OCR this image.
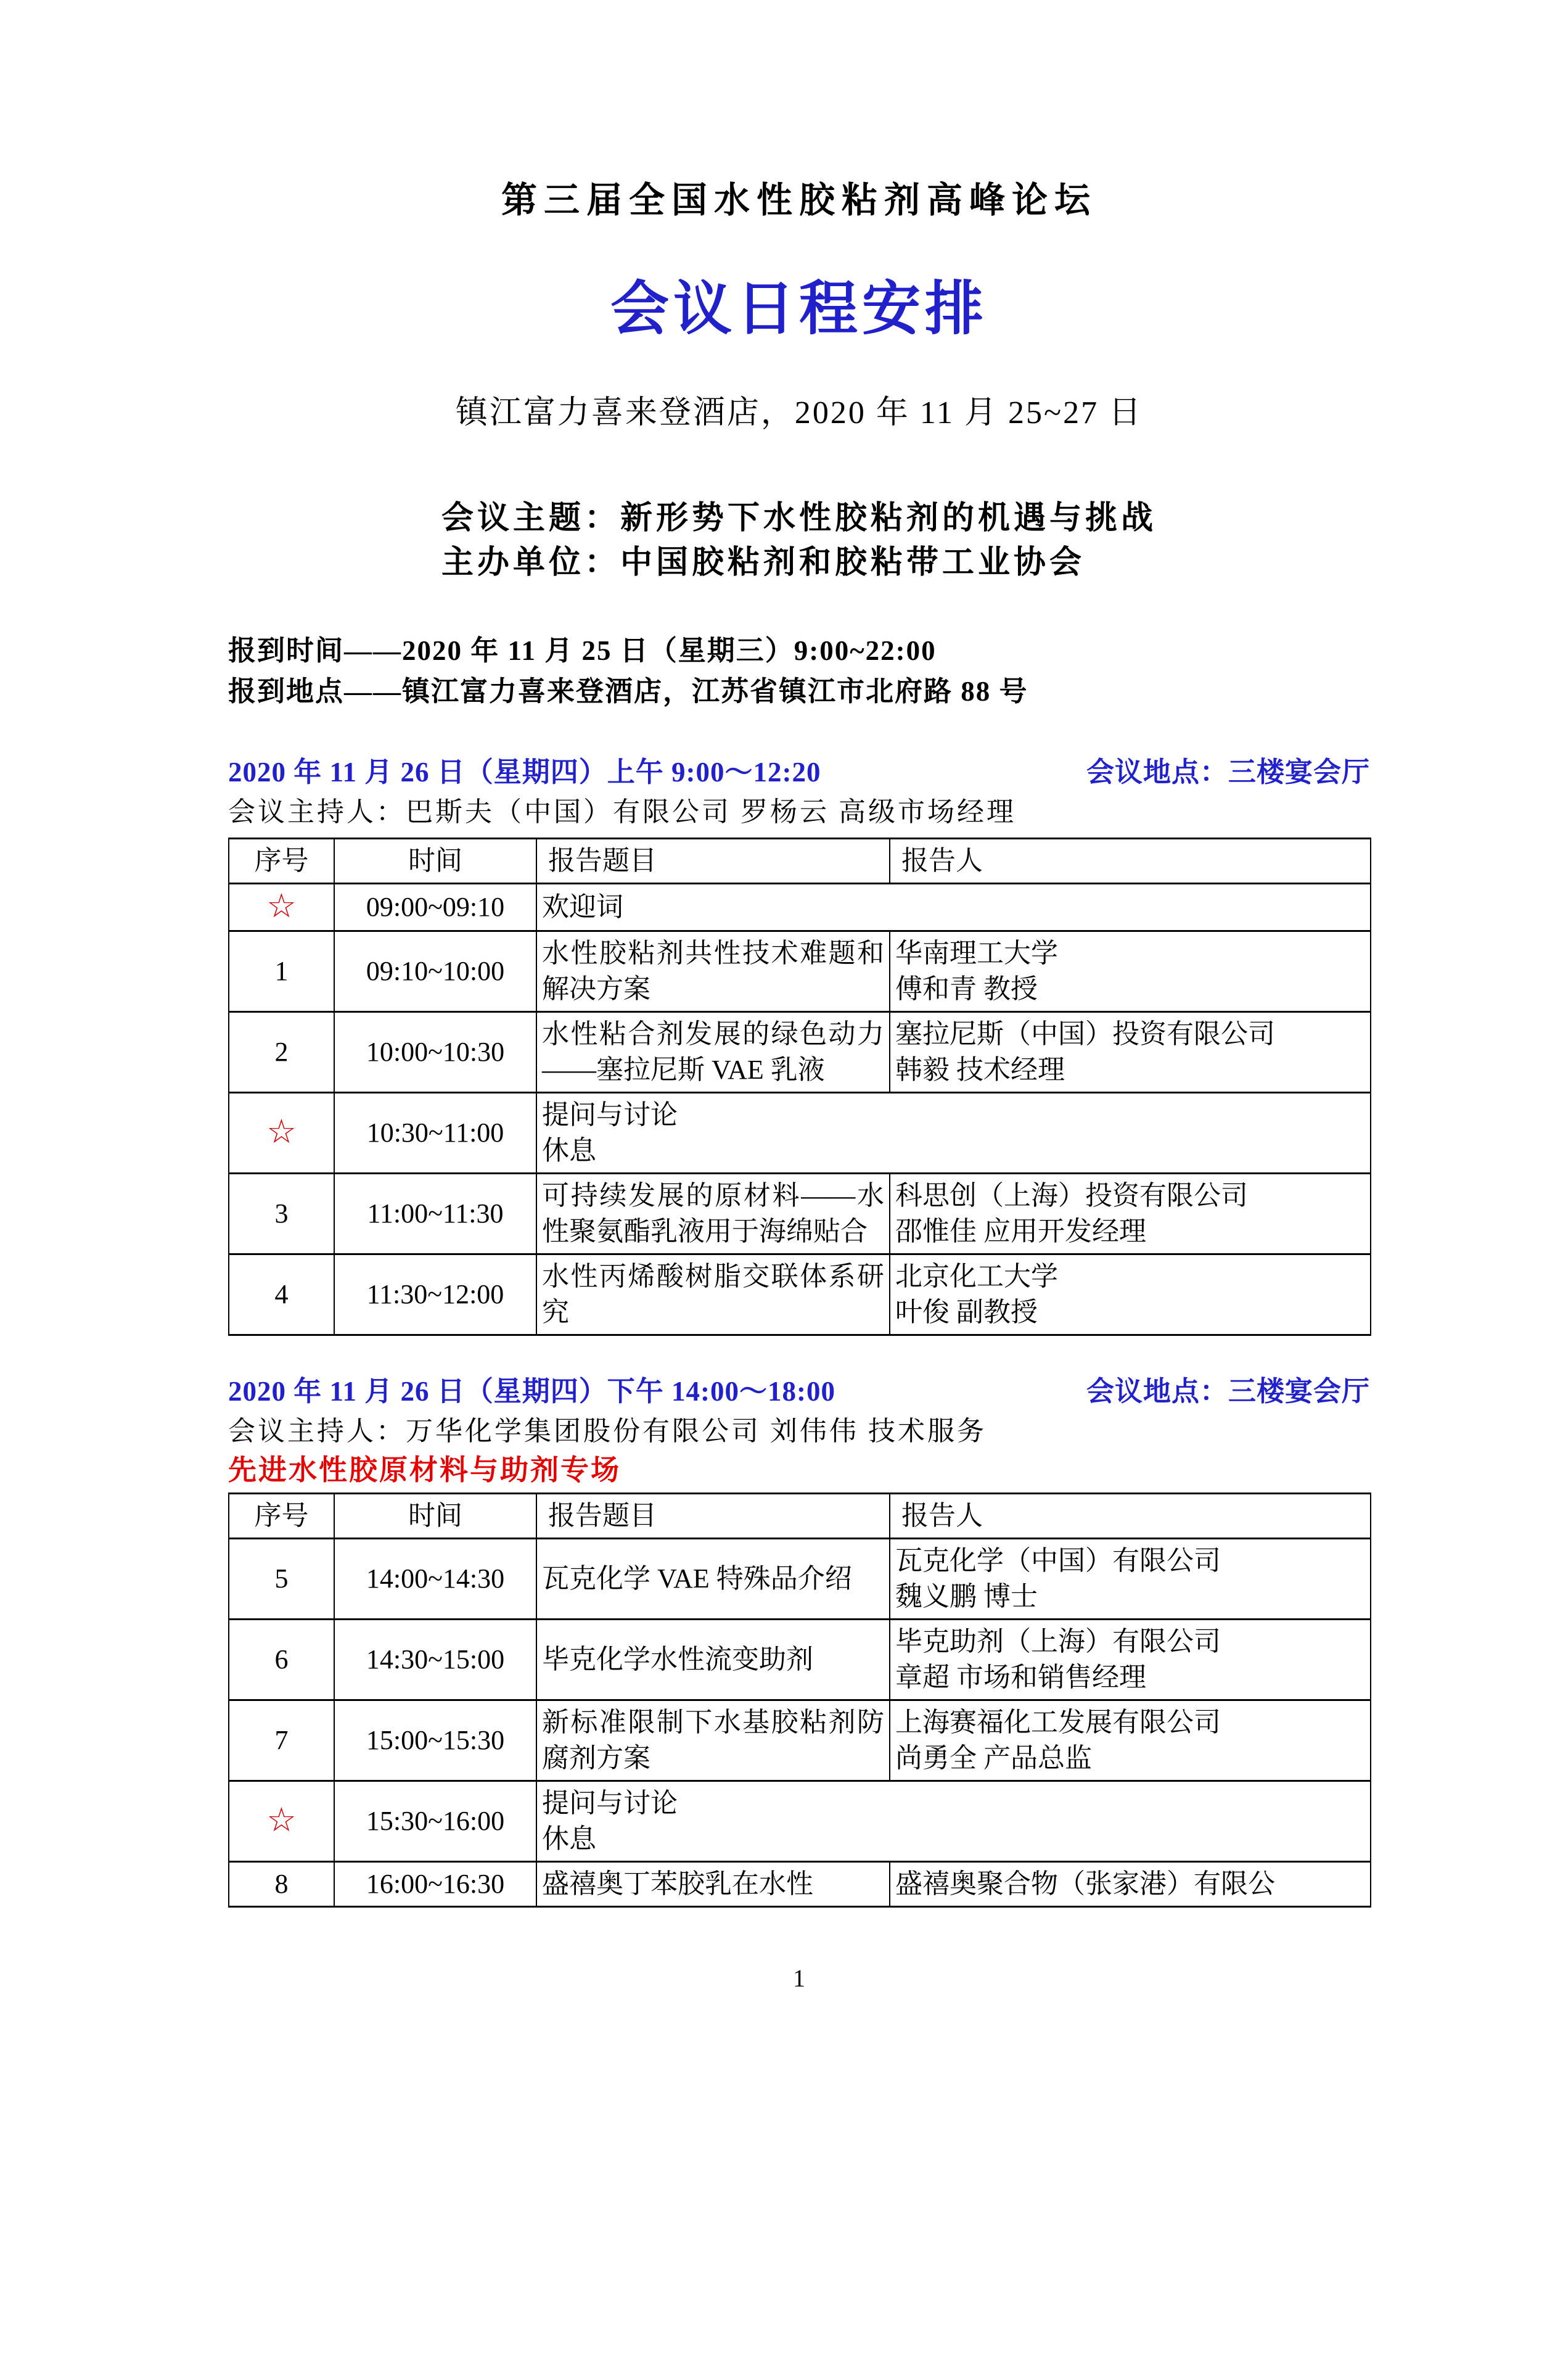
第三届全国水性胶粘剂高峰论坛
会议日程安排
镇江富力喜来登酒店，2020 年 11 月 25~27 日
会议主题：新形势下水性胶粘剂的机遇与挑战
主办单位：中国胶粘剂和胶粘带工业协会
报到时间——2020 年 11 月 25 日（星期三）9:00~22:00
报到地点——镇江富力喜来登酒店，江苏省镇江市北府路 88 号
2020 年 11 月 26 日（星期四）上午 9:00～12:20	会议地点：三楼宴会厅
会议主持人：巴斯夫（中国）有限公司 罗杨云 高级市场经理
序号	时间	报告题目	报告人
☆	09:00~09:10	欢迎词	
1	09:10~10:00	水性胶粘剂共性技术难题和解决方案	华南理工大学
傅和青 教授

2	10:00~10:30	水性粘合剂发展的绿色动力——塞拉尼斯 VAE 乳液	塞拉尼斯（中国）投资有限公司
韩毅 技术经理

☆	10:30~11:00	提问与讨论
休息	

3	11:00~11:30	可持续发展的原材料——水性聚氨酯乳液用于海绵贴合	科思创（上海）投资有限公司
邵惟佳 应用开发经理

4	11:30~12:00	水性丙烯酸树脂交联体系研究	北京化工大学
叶俊 副教授
2020 年 11 月 26 日（星期四）下午 14:00～18:00	会议地点：三楼宴会厅
会议主持人：万华化学集团股份有限公司 刘伟伟 技术服务
先进水性胶原材料与助剂专场
序号	时间	报告题目	报告人
5	14:00~14:30	瓦克化学 VAE 特殊品介绍	瓦克化学（中国）有限公司
魏义鹏 博士

6	14:30~15:00	毕克化学水性流变助剂	毕克助剂（上海）有限公司
章超 市场和销售经理

7	15:00~15:30	新标准限制下水基胶粘剂防腐剂方案	上海赛福化工发展有限公司
尚勇全 产品总监

☆	15:30~16:00	提问与讨论
休息	

8	16:00~16:30	盛禧奥丁苯胶乳在水性	盛禧奥聚合物（张家港）有限公
1
